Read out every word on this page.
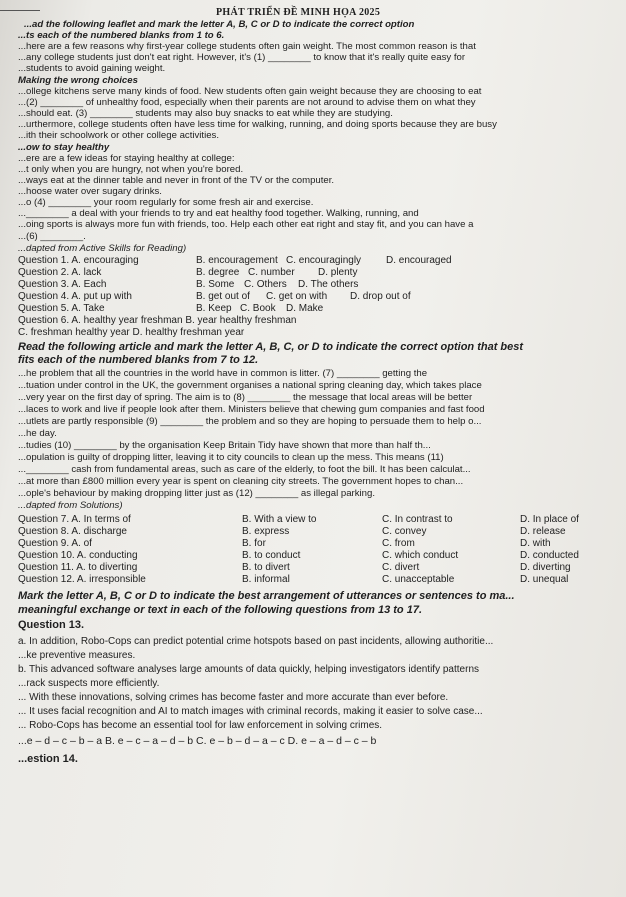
PHÁT TRIỂN ĐỀ MINH HỌA 2025
...ad the following leaflet and mark the letter A, B, C or D to indicate the correct option
...ts each of the numbered blanks from 1 to 6.
...here are a few reasons why first-year college students often gain weight. The most common reason is that
...any college students just don't eat right. However, it's (1) ________ to know that it's really quite easy for
...students to avoid gaining weight.
Making the wrong choices
...ollege kitchens serve many kinds of food. New students often gain weight because they are choosing to eat
...(2) ________ of unhealthy food, especially when their parents are not around to advise them on what they
...should eat. (3) ________ students may also buy snacks to eat while they are studying.
...urthermore, college students often have less time for walking, running, and doing sports because they are busy
...ith their schoolwork or other college activities.
...ow to stay healthy
...ere are a few ideas for staying healthy at college:
...t only when you are hungry, not when you're bored.
...ways eat at the dinner table and never in front of the TV or the computer.
...hoose water over sugary drinks.
...o (4) ________ your room regularly for some fresh air and exercise.
...________ a deal with your friends to try and eat healthy food together. Walking, running, and
...oing sports is always more fun with friends, too. Help each other eat right and stay fit, and you can have a
...(6) ________.
...dapted from Active Skills for Reading)
Question 1. A. encouraging	B. encouragement C. encouragingly D. encouraged
Question 2. A. lack	B. degree C. number D. plenty
Question 3. A. Each	B. Some C. Others D. The others
Question 4. A. put up with	B. get out of C. get on with D. drop out of
Question 5. A. Take	B. Keep C. Book D. Make
Question 6. A. healthy year freshman B. year healthy freshman
C. freshman healthy year D. healthy freshman year
Read the following article and mark the letter A, B, C, or D to indicate the correct option that best
fits each of the numbered blanks from 7 to 12.
...he problem that all the countries in the world have in common is litter. (7) ________ getting the
...tuation under control in the UK, the government organises a national spring cleaning day, which takes place
...very year on the first day of spring. The aim is to (8) ________ the message that local areas will be better
...laces to work and live if people look after them. Ministers believe that chewing gum companies and fast food
...utlets are partly responsible (9) ________ the problem and so they are hoping to persuade them to help o...
...he day.
...tudies (10) ________ by the organisation Keep Britain Tidy have shown that more than half th...
...opulation is guilty of dropping litter, leaving it to city councils to clean up the mess. This means (11)
...________ cash from fundamental areas, such as care of the elderly, to foot the bill. It has been calculat...
...at more than £800 million every year is spent on cleaning city streets. The government hopes to chan...
...ople's behaviour by making dropping litter just as (12) ________ as illegal parking.
...dapted from Solutions)
Question 7. A. In terms of	B. With a view to	C. In contrast to	D. In place of
Question 8. A. discharge	B. express	C. convey	D. release
Question 9. A. of	B. for	C. from	D. with
Question 10. A. conducting	B. to conduct	C. which conduct	D. conducted
Question 11. A. to diverting	B. to divert	C. divert	D. diverting
Question 12. A. irresponsible	B. informal	C. unacceptable	D. unequal
Mark the letter A, B, C or D to indicate the best arrangement of utterances or sentences to ma...
meaningful exchange or text in each of the following questions from 13 to 17.
Question 13.
a. In addition, Robo-Cops can predict potential crime hotspots based on past incidents, allowing authoritie...
...ke preventive measures.
b. This advanced software analyses large amounts of data quickly, helping investigators identify patterns
...rack suspects more efficiently.
... With these innovations, solving crimes has become faster and more accurate than ever before.
... It uses facial recognition and AI to match images with criminal records, making it easier to solve case...
... Robo-Cops has become an essential tool for law enforcement in solving crimes.
...e – d – c – b – a B. e – c – a – d – b C. e – b – d – a – c D. e – a – d – c – b
...estion 14.
